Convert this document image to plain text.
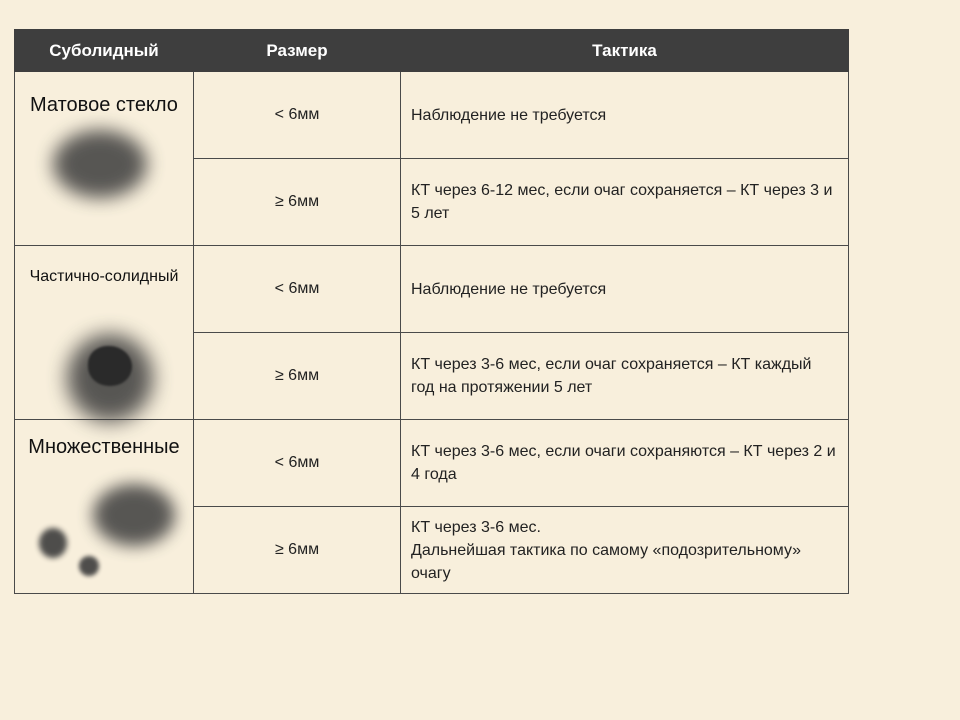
Суболидный	Размер	Тактика

Матовое стекло	< 6мм	Наблюдение не требуется
	≥ 6мм	КТ через 6-12 мес, если очаг сохраняется – КТ через 3 и 5 лет

Частично-солидный	< 6мм	Наблюдение не требуется
	≥ 6мм	КТ через 3-6 мес, если очаг сохраняется – КТ каждый год на протяжении 5 лет

Множественные	< 6мм	КТ через 3-6 мес, если очаги сохраняются – КТ через 2 и 4 года
	≥ 6мм	КТ через 3-6 мес.
Дальнейшая тактика по самому «подозрительному» очагу
